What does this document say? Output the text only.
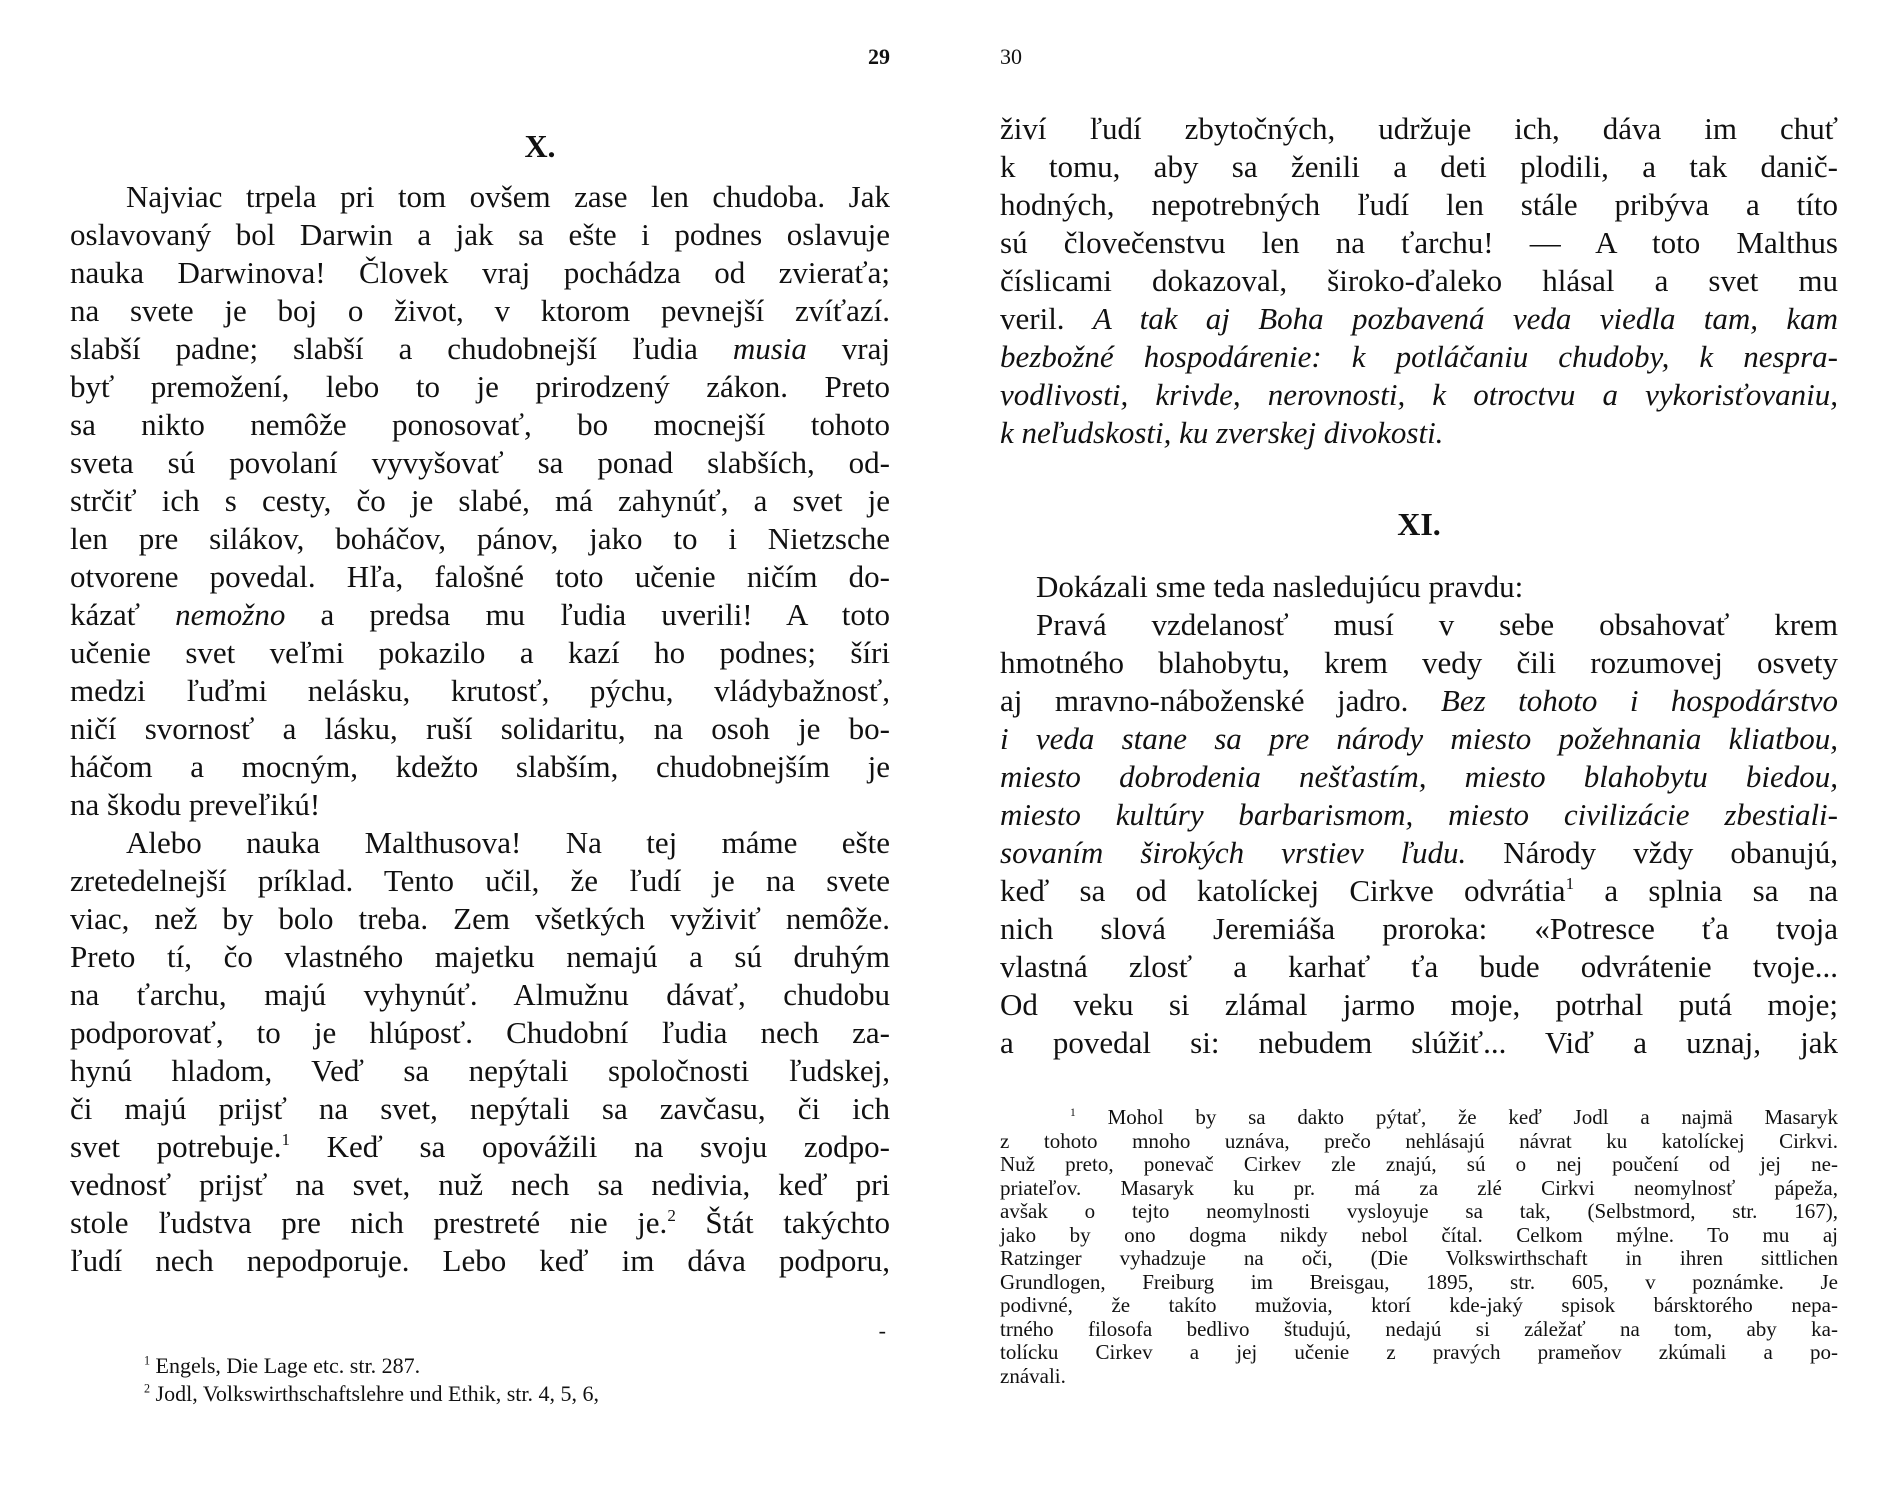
29
X.
Najviac trpela pri tom ovšem zase len chudoba. Jak
oslavovaný bol Darwin a jak sa ešte i podnes oslavuje
nauka Darwinova! Človek vraj pochádza od zvieraťa;
na svete je boj o život, v ktorom pevnejší zvíťazí.
slabší padne; slabší a chudobnejší ľudia musia vraj
byť premožení, lebo to je prirodzený zákon. Preto
sa nikto nemôže ponosovať, bo mocnejší tohoto
sveta sú povolaní vyvyšovať sa ponad slabších, od-
strčiť ich s cesty, čo je slabé, má zahynúť, a svet je
len pre silákov, boháčov, pánov, jako to i Nietzsche
otvorene povedal. Hľa, falošné toto učenie ničím do-
kázať nemožno a predsa mu ľudia uverili! A toto
učenie svet veľmi pokazilo a kazí ho podnes; šíri
medzi ľuďmi nelásku, krutosť, pýchu, vládybažnosť,
ničí svornosť a lásku, ruší solidaritu, na osoh je bo-
háčom a mocným, kdežto slabším, chudobnejším je
na škodu preveľikú!
Alebo nauka Malthusova! Na tej máme ešte
zretedelnejší príklad. Tento učil, že ľudí je na svete
viac, než by bolo treba. Zem všetkých vyživiť nemôže.
Preto tí, čo vlastného majetku nemajú a sú druhým
na ťarchu, majú vyhynúť. Almužnu dávať, chudobu
podporovať, to je hlúposť. Chudobní ľudia nech za-
hynú hladom, Veď sa nepýtali spoločnosti ľudskej,
či majú prijsť na svet, nepýtali sa zavčasu, či ich
svet potrebuje.$^1$ Keď sa opovážili na svoju zodpo-
vednosť prijsť na svet, nuž nech sa nedivia, keď pri
stole ľudstva pre nich prestreté nie je.$^2$ Štát takýchto
ľudí nech nepodporuje. Lebo keď im dáva podporu,
-
$^1$ Engels, Die Lage etc. str. 287.
$^2$ Jodl, Volkswirthschaftslehre und Ethik, str. 4, 5, 6,
30
živí ľudí zbytočných, udržuje ich, dáva im chuť
k tomu, aby sa ženili a deti plodili, a tak danič-
hodných, nepotrebných ľudí len stále pribýva a títo
sú človečenstvu len na ťarchu! — A toto Malthus
číslicami dokazoval, široko-ďaleko hlásal a svet mu
veril. A tak aj Boha pozbavená veda viedla tam, kam
bezbožné hospodárenie: k potláčaniu chudoby, k nespra-
vodlivosti, krivde, nerovnosti, k otroctvu a vykorisťovaniu,
k neľudskosti, ku zverskej divokosti.
XI.
Dokázali sme teda nasledujúcu pravdu:
Pravá vzdelanosť musí v sebe obsahovať krem
hmotného blahobytu, krem vedy čili rozumovej osvety
aj mravno-náboženské jadro. Bez tohoto i hospodárstvo
i veda stane sa pre národy miesto požehnania kliatbou,
miesto dobrodenia nešťastím, miesto blahobytu biedou,
miesto kultúry barbarismom, miesto civilizácie zbestiali-
sovaním širokých vrstiev ľudu. Národy vždy obanujú,
keď sa od katolíckej Cirkve odvrátia$^1$ a splnia sa na
nich slová Jeremiáša proroka: «Potresce ťa tvoja
vlastná zlosť a karhať ťa bude odvrátenie tvoje...
Od veku si zlámal jarmo moje, potrhal putá moje;
a povedal si: nebudem slúžiť... Viď a uznaj, jak
$^1$ Mohol by sa dakto pýtať, že keď Jodl a najmä Masaryk
z tohoto mnoho uznáva, prečo nehlásajú návrat ku katolíckej Cirkvi.
Nuž preto, ponevač Cirkev zle znajú, sú o nej poučení od jej ne-
priateľov. Masaryk ku pr. má za zlé Cirkvi neomylnosť pápeža,
avšak o tejto neomylnosti vysloyuje sa tak, (Selbstmord, str. 167),
jako by ono dogma nikdy nebol čítal. Celkom mýlne. To mu aj
Ratzinger vyhadzuje na oči, (Die Volkswirthschaft in ihren sittlichen
Grundlogen, Freiburg im Breisgau, 1895, str. 605, v poznámke. Je
podivné, že takíto mužovia, ktorí kde-jaký spisok bársktorého nepa-
trného filosofa bedlivo študujú, nedajú si záležať na tom, aby ka-
tolícku Cirkev a jej učenie z pravých prameňov zkúmali a po-
znávali.
